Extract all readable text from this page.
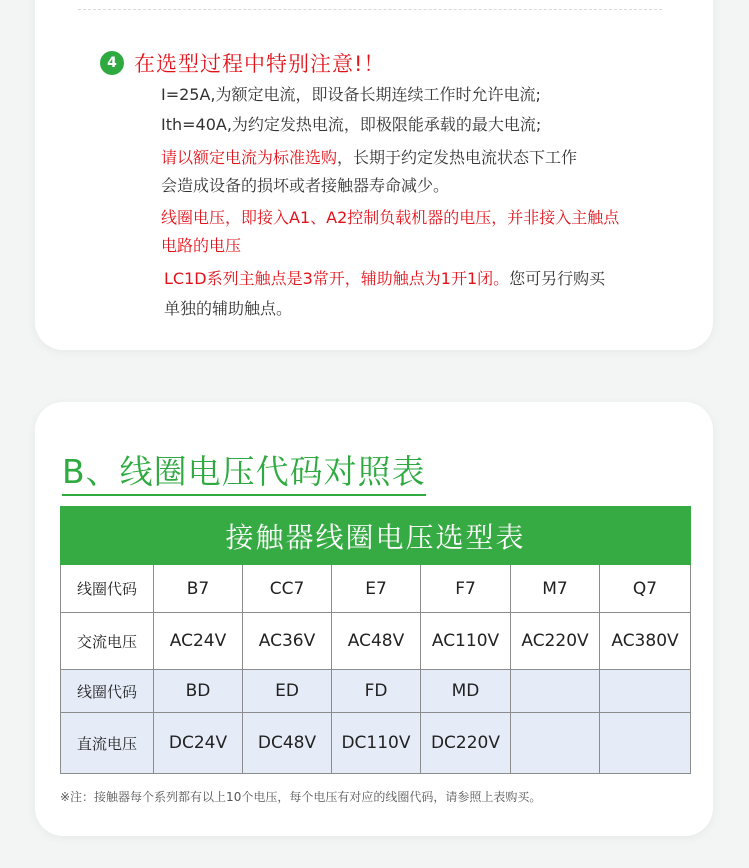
4 在选型过程中特别注意!！
I=25A,为额定电流，即设备长期连续工作时允许电流;
Ith=40A,为约定发热电流，即极限能承载的最大电流;
请以额定电流为标准选购，长期于约定发热电流状态下工作
会造成设备的损坏或者接触器寿命减少。
线圈电压，即接入A1、A2控制负载机器的电压，并非接入主触点
电路的电压
LC1D系列主触点是3常开，辅助触点为1开1闭。您可另行购买
单独的辅助触点。
B、线圈电压代码对照表
接触器线圈电压选型表						
线圈代码	B7	CC7	E7	F7	M7	Q7
交流电压	AC24V	AC36V	AC48V	AC110V	AC220V	AC380V
线圈代码	BD	ED	FD	MD		
直流电压	DC24V	DC48V	DC110V	DC220V		
※注：接触器每个系列都有以上10个电压，每个电压有对应的线圈代码，请参照上表购买。
